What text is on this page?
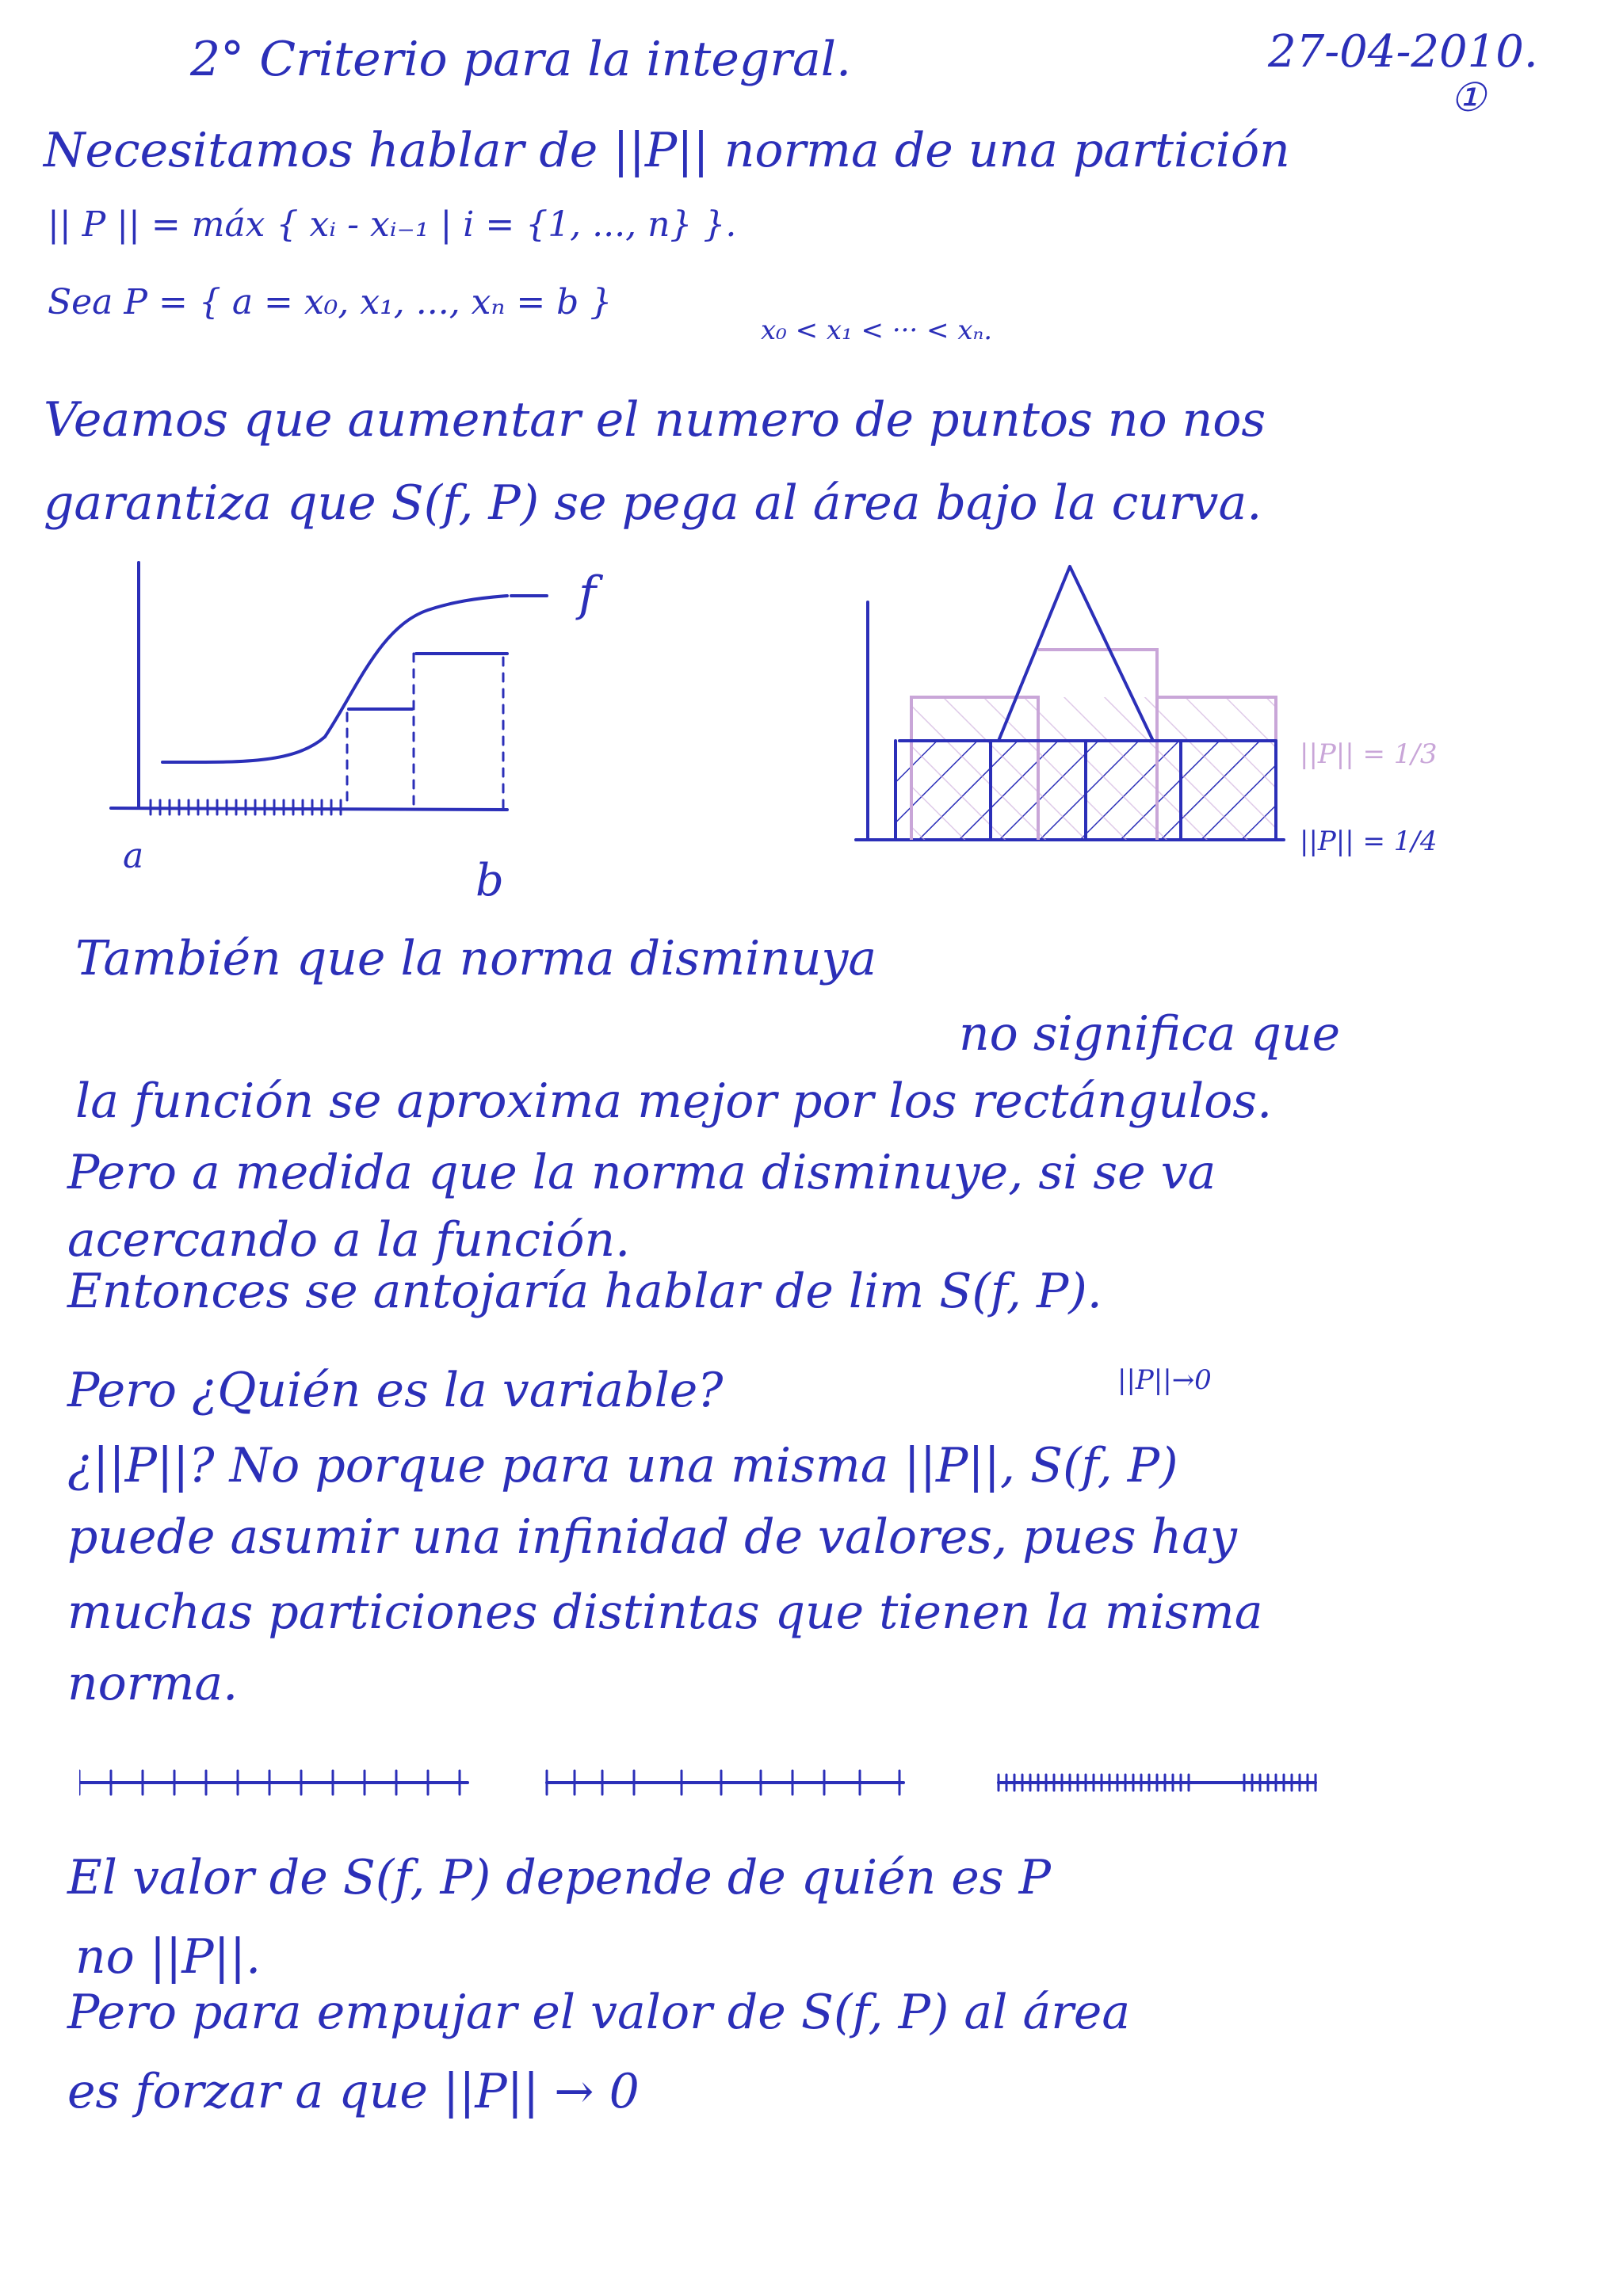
27-04-2010.
①
2° Criterio para la integral.
Necesitamos hablar de ||P|| norma de una partición
|| P || = máx { xᵢ - xᵢ₋₁ | i = {1, ..., n} }.
Sea P = { a = x₀, x₁, ..., xₙ = b }
x₀ < x₁ < ··· < xₙ.
Veamos que aumentar el numero de puntos no nos
garantiza que S(f, P) se pega al área bajo la curva.
f
a	b
||P|| = 1/3
||P|| = 1/4
También que la norma disminuya
no significa que
la función se aproxima mejor por los rectángulos.
Pero a medida que la norma disminuye, si se va
acercando a la función.
Entonces se antojaría hablar de lim S(f, P).
||P||→0
Pero ¿Quién es la variable?
¿||P||? No porque para una misma ||P||, S(f, P)
puede asumir una infinidad de valores, pues hay
muchas particiones distintas que tienen la misma
norma.
El valor de S(f, P) depende de quién es P
no ||P||.
Pero para empujar el valor de S(f, P) al área
es forzar a que ||P|| → 0
